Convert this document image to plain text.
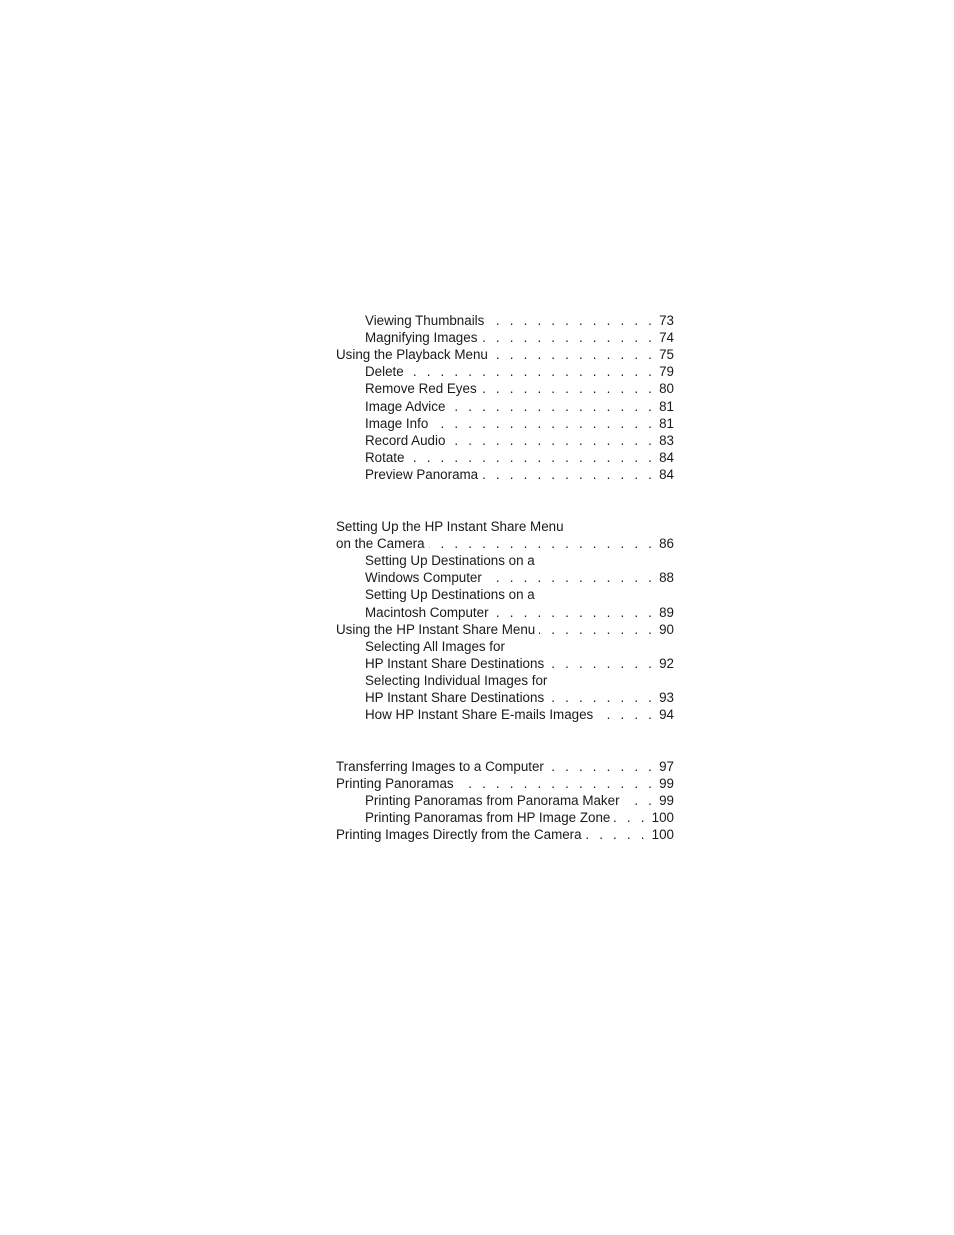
Viewing Thumbnails . . .	73
Magnifying Images . . .	74
Using the Playback Menu . . .	75
Delete . . .	79
Remove Red Eyes . . .	80
Image Advice . . .	81
Image Info . . .	81
Record Audio . . .	83
Rotate . . .	84
Preview Panorama . . .	84
Setting Up the HP Instant Share Menu
on the Camera . . .	86
Setting Up Destinations on a
Windows Computer . . .	88
Setting Up Destinations on a
Macintosh Computer . . .	89
Using the HP Instant Share Menu . . .	90
Selecting All Images for
HP Instant Share Destinations . . .	92
Selecting Individual Images for
HP Instant Share Destinations . . .	93
How HP Instant Share E-mails Images . . .	94
Transferring Images to a Computer . . .	97
Printing Panoramas . . .	99
Printing Panoramas from Panorama Maker . . .	99
Printing Panoramas from HP Image Zone . . .	100
Printing Images Directly from the Camera . . .	100
